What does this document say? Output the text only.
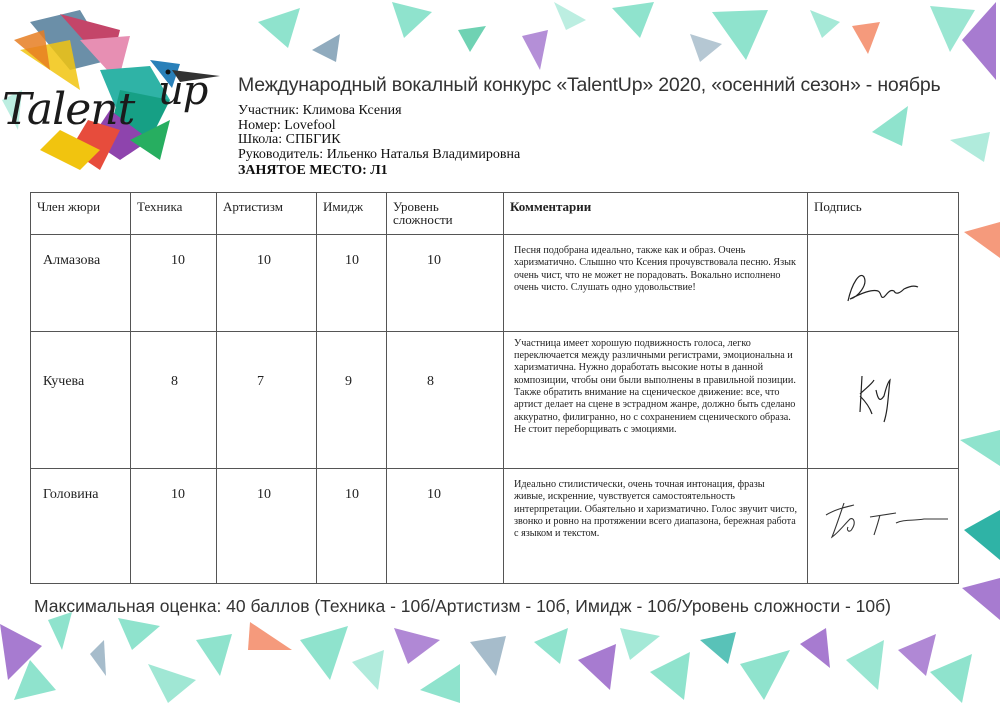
Talent up Международный вокалный конкурс «TalentUp» 2020, «осенний сезон» - ноябрь
Участник: Климова Ксения
Номер: Lovefool
Школа: СПБГИК
Руководитель: Ильенко Наталья Владимировна
ЗАНЯТОЕ МЕСТО: Л1
Член жюри	Техника	Артистизм	Имидж	Уровень сложности	Комментарии	Подпись
Алмазова	10	10	10	10	Песня подобрана идеально, также как и образ. Очень харизматично. Слышно что Ксения прочувствовала песню. Язык очень чист, что не может не порадовать. Вокально исполнено очень чисто. Слушать одно удовольствие!	

Кучева	8	7	9	8	Участница имеет хорошую подвижность голоса, легко переключается между различными регистрами, эмоциональна и харизматична. Нужно доработать высокие ноты в данной композиции, чтобы они были выполнены в правильной позиции. Также обратить внимание на сценическое движение: все, что артист делает на сцене в эстрадном жанре, должно быть сделано аккуратно, филигранно, но с сохранением сценического образа. Не стоит переборщивать с эмоциями.	

Головина	10	10	10	10	Идеально стилистически, очень точная интонация, фразы живые, искренние, чувствуется самостоятельность интерпретации. Обаятельно и харизматично. Голос звучит чисто, звонко и ровно на протяжении всего диапазона, бережная работа с языком и текстом.	
Максимальная оценка: 40 баллов (Техника - 10б/Артистизм - 10б, Имидж - 10б/Уровень сложности - 10б)
